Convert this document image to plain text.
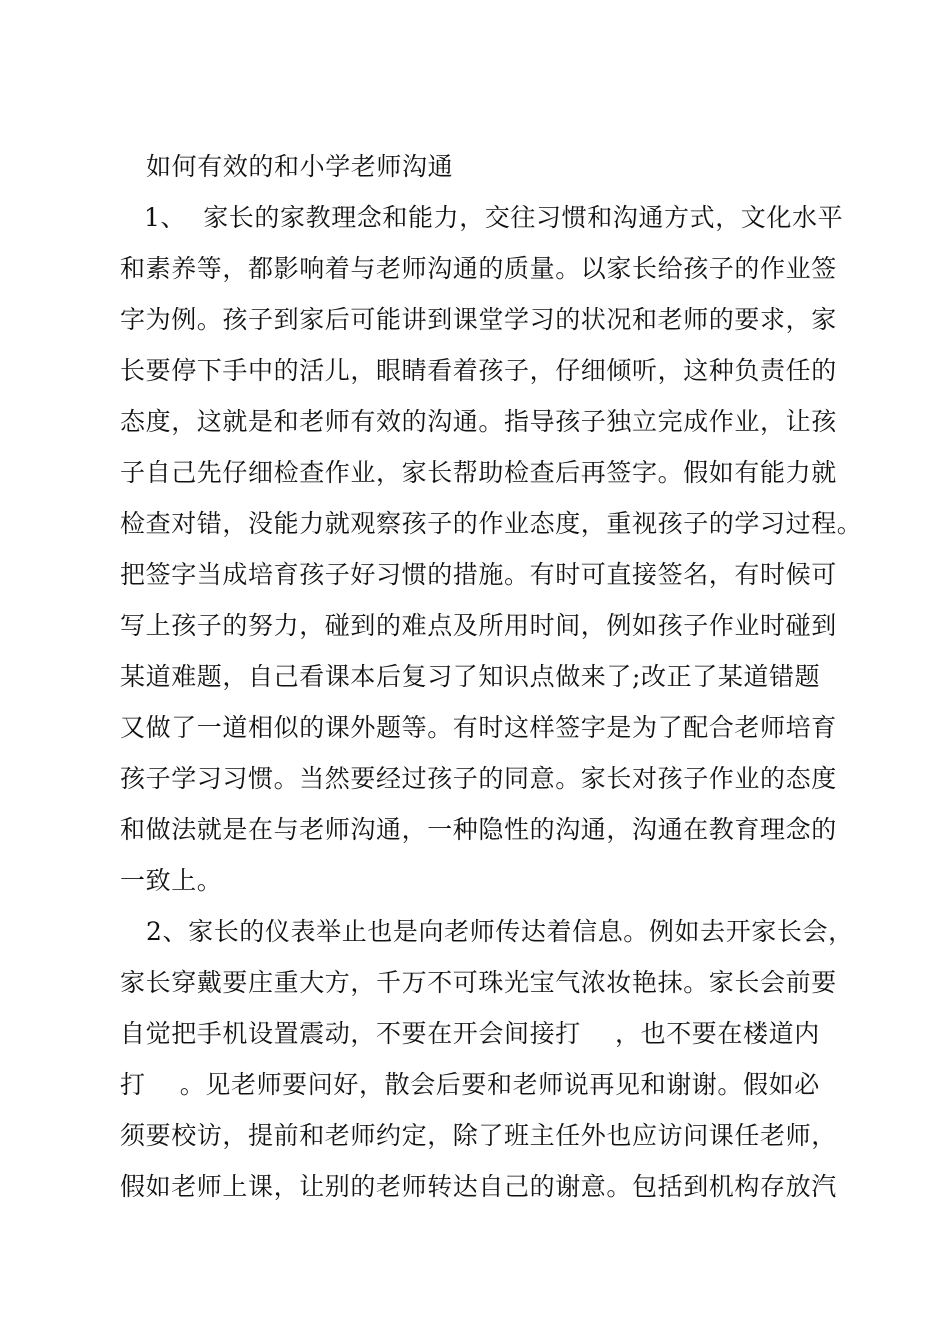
如何有效的和小学老师沟通
1、  家长的家教理念和能力，交往习惯和沟通方式，文化水平
和素养等，都影响着与老师沟通的质量。以家长给孩子的作业签
字为例。孩子到家后可能讲到课堂学习的状况和老师的要求，家
长要停下手中的活儿，眼睛看着孩子，仔细倾听，这种负责任的
态度，这就是和老师有效的沟通。指导孩子独立完成作业，让孩
子自己先仔细检查作业，家长帮助检查后再签字。假如有能力就
检查对错，没能力就观察孩子的作业态度，重视孩子的学习过程。
把签字当成培育孩子好习惯的措施。有时可直接签名，有时候可
写上孩子的努力，碰到的难点及所用时间，例如孩子作业时碰到
某道难题，自己看课本后复习了知识点做来了;改正了某道错题
又做了一道相似的课外题等。有时这样签字是为了配合老师培育
孩子学习习惯。当然要经过孩子的同意。家长对孩子作业的态度
和做法就是在与老师沟通，一种隐性的沟通，沟通在教育理念的
一致上。
2、家长的仪表举止也是向老师传达着信息。例如去开家长会，
家长穿戴要庄重大方，千万不可珠光宝气浓妆艳抹。家长会前要
自觉把手机设置震动，不要在开会间接打    ，也不要在楼道内
打    。见老师要问好，散会后要和老师说再见和谢谢。假如必
须要校访，提前和老师约定，除了班主任外也应访问课任老师，
假如老师上课，让别的老师转达自己的谢意。包括到机构存放汽
